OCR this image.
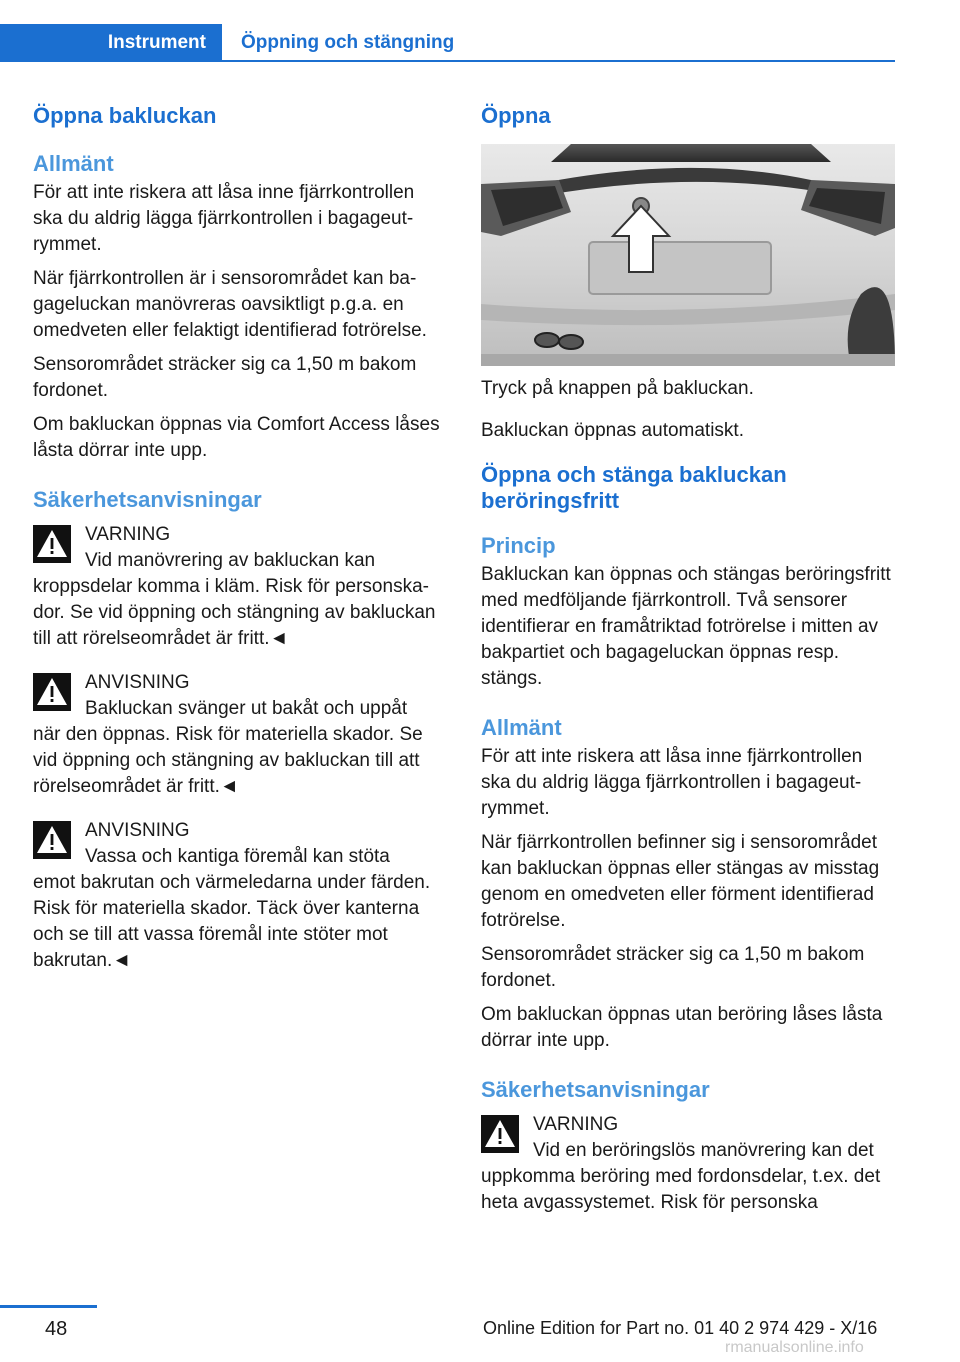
Instrument	Öppning och stängning
Öppna bakluckan
Allmänt

För att inte riskera att låsa inne fjärrkontrollen ska du aldrig lägga fjärrkontrollen i bagageutrymmet.

När fjärrkontrollen är i sensorområdet kan bagageluckan manövreras oavsiktligt p.g.a. en omedveten eller felaktigt identifierad fotrörelse.

Sensorområdet sträcker sig ca 1,50 m bakom fordonet.

Om bakluckan öppnas via Comfort Access låses låsta dörrar inte upp.

Säkerhetsanvisningar

VARNING

Vid manövrering av bakluckan kan

kroppsdelar komma i kläm. Risk för personskador. Se vid öppning och stängning av bakluckan till att rörelseområdet är fritt.◄

ANVISNING

Bakluckan svänger ut bakåt och uppåt

när den öppnas. Risk för materiella skador. Se vid öppning och stängning av bakluckan till att rörelseområdet är fritt.◄

ANVISNING

Vassa och kantiga föremål kan stöta

emot bakrutan och värmeledarna under färden. Risk för materiella skador. Täck över kanterna och se till att vassa föremål inte stöter mot bakrutan.◄

Öppna

Tryck på knappen på bakluckan.

Bakluckan öppnas automatiskt.

Öppna och stänga bakluckan beröringsfritt
Princip

Bakluckan kan öppnas och stängas beröringsfritt med medföljande fjärrkontroll. Två sensorer identifierar en framåtriktad fotrörelse i mitten av bakpartiet och bagageluckan öppnas resp. stängs.

Allmänt

För att inte riskera att låsa inne fjärrkontrollen ska du aldrig lägga fjärrkontrollen i bagageutrymmet.

När fjärrkontrollen befinner sig i sensorområdet kan bakluckan öppnas eller stängas av misstag genom en omedveten eller förment identifierad fotrörelse.

Sensorområdet sträcker sig ca 1,50 m bakom fordonet.

Om bakluckan öppnas utan beröring låses låsta dörrar inte upp.

Säkerhetsanvisningar

VARNING

Vid en beröringslös manövrering kan det

uppkomma beröring med fordonsdelar, t.ex. det heta avgassystemet. Risk för personska

48	Online Edition for Part no. 01 40 2 974 429 - X/16
rmanualsonline.info
